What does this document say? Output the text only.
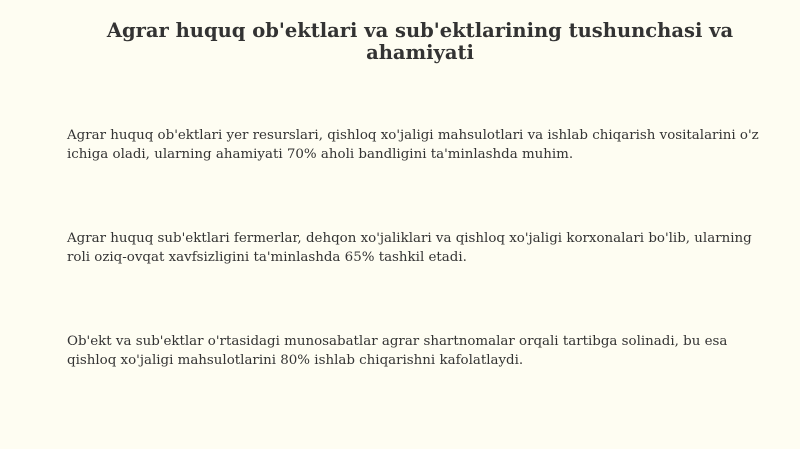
Agrar huquq ob'ektlari va sub'ektlarining tushunchasi va ahamiyati

Agrar huquq ob'ektlari yer resurslari, qishloq xo'jaligi mahsulotlari va ishlab chiqarish vositalarini o'z ichiga oladi, ularning ahamiyati 70% aholi bandligini ta'minlashda muhim.

Agrar huquq sub'ektlari fermerlar, dehqon xo'jaliklari va qishloq xo'jaligi korxonalari bo'lib, ularning roli oziq-ovqat xavfsizligini ta'minlashda 65% tashkil etadi.

Ob'ekt va sub'ektlar o'rtasidagi munosabatlar agrar shartnomalar orqali tartibga solinadi, bu esa qishloq xo'jaligi mahsulotlarini 80% ishlab chiqarishni kafolatlaydi.
